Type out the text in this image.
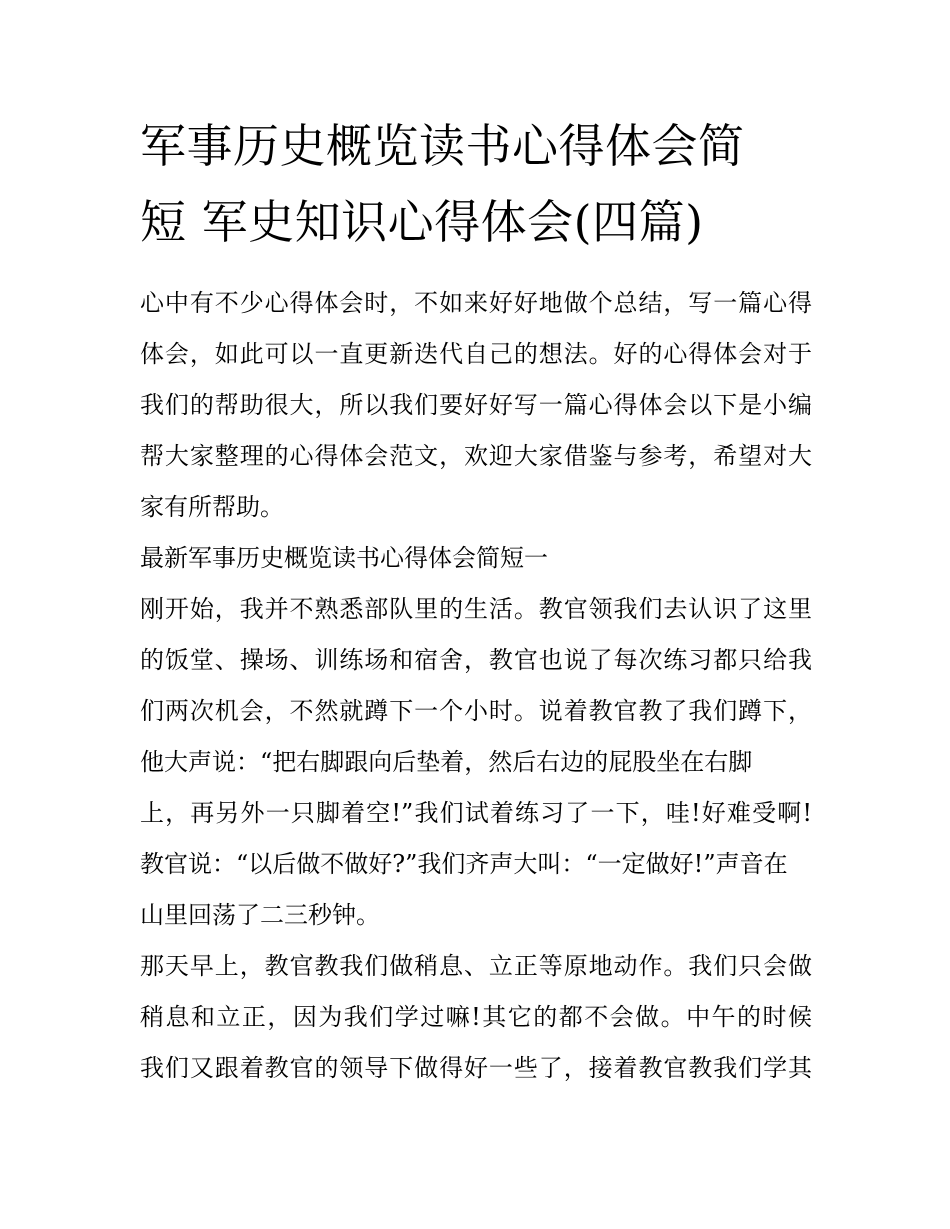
军事历史概览读书心得体会简
短 军史知识心得体会(四篇)
心中有不少心得体会时，不如来好好地做个总结，写一篇心得
体会，如此可以一直更新迭代自己的想法。好的心得体会对于
我们的帮助很大，所以我们要好好写一篇心得体会以下是小编
帮大家整理的心得体会范文，欢迎大家借鉴与参考，希望对大
家有所帮助。
最新军事历史概览读书心得体会简短一
刚开始，我并不熟悉部队里的生活。教官领我们去认识了这里
的饭堂、操场、训练场和宿舍，教官也说了每次练习都只给我
们两次机会，不然就蹲下一个小时。说着教官教了我们蹲下，
他大声说：“把右脚跟向后垫着，然后右边的屁股坐在右脚
上，再另外一只脚着空!”我们试着练习了一下，哇!好难受啊!
教官说：“以后做不做好?”我们齐声大叫：“一定做好!”声音在
山里回荡了二三秒钟。
那天早上，教官教我们做稍息、立正等原地动作。我们只会做
稍息和立正，因为我们学过嘛!其它的都不会做。中午的时候
我们又跟着教官的领导下做得好一些了，接着教官教我们学其
